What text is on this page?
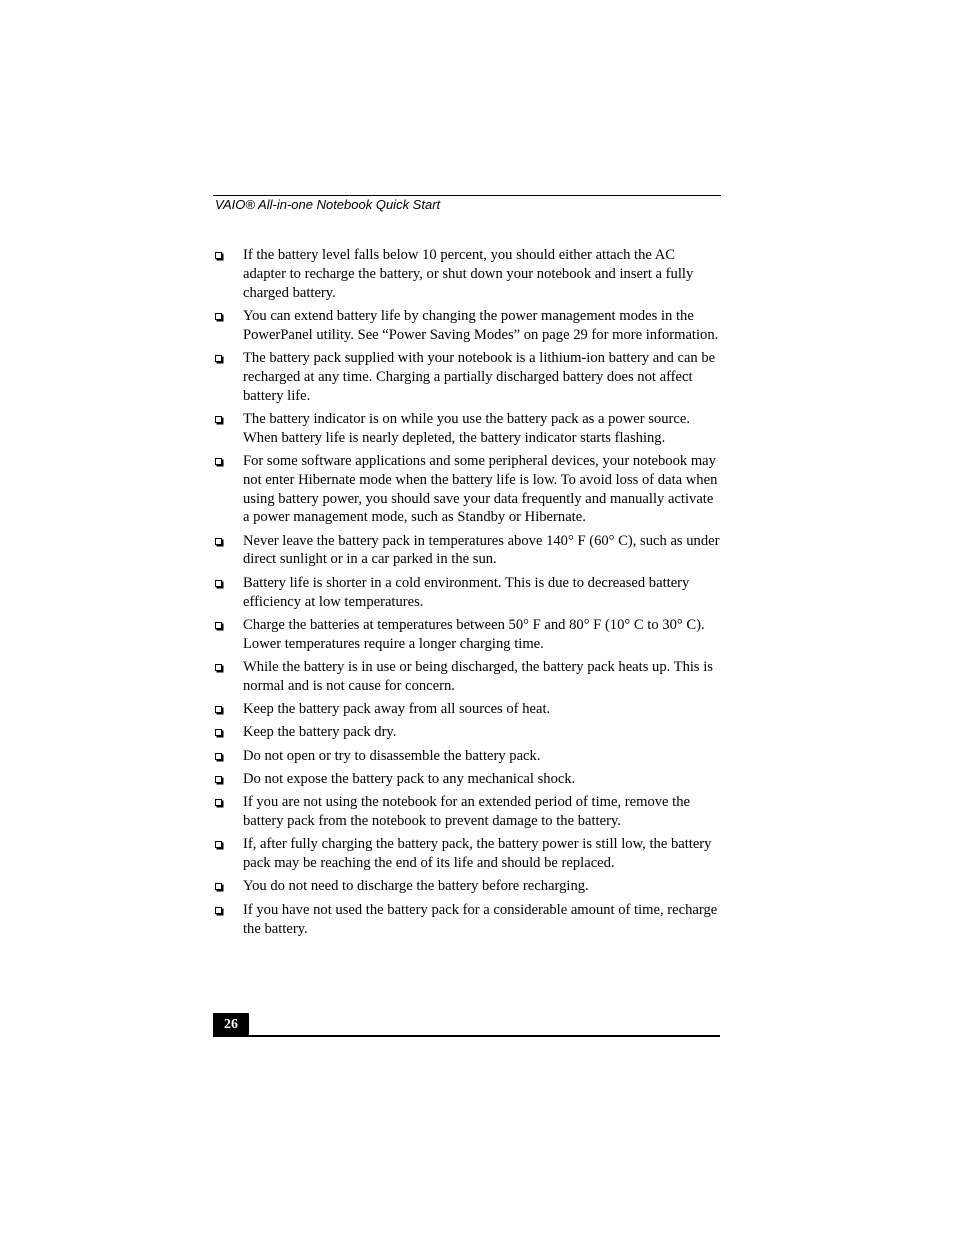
VAIO® All-in-one Notebook Quick Start
If the battery level falls below 10 percent, you should either attach the AC adapter to recharge the battery, or shut down your notebook and insert a fully charged battery.
You can extend battery life by changing the power management modes in the PowerPanel utility. See “Power Saving Modes” on page 29 for more information.
The battery pack supplied with your notebook is a lithium-ion battery and can be recharged at any time. Charging a partially discharged battery does not affect battery life.
The battery indicator is on while you use the battery pack as a power source. When battery life is nearly depleted, the battery indicator starts flashing.
For some software applications and some peripheral devices, your notebook may not enter Hibernate mode when the battery life is low. To avoid loss of data when using battery power, you should save your data frequently and manually activate a power management mode, such as Standby or Hibernate.
Never leave the battery pack in temperatures above 140° F (60° C), such as under direct sunlight or in a car parked in the sun.
Battery life is shorter in a cold environment. This is due to decreased battery efficiency at low temperatures.
Charge the batteries at temperatures between 50° F and 80° F (10° C to 30° C). Lower temperatures require a longer charging time.
While the battery is in use or being discharged, the battery pack heats up. This is normal and is not cause for concern.
Keep the battery pack away from all sources of heat.
Keep the battery pack dry.
Do not open or try to disassemble the battery pack.
Do not expose the battery pack to any mechanical shock.
If you are not using the notebook for an extended period of time, remove the battery pack from the notebook to prevent damage to the battery.
If, after fully charging the battery pack, the battery power is still low, the battery pack may be reaching the end of its life and should be replaced.
You do not need to discharge the battery before recharging.
If you have not used the battery pack for a considerable amount of time, recharge the battery.
26
